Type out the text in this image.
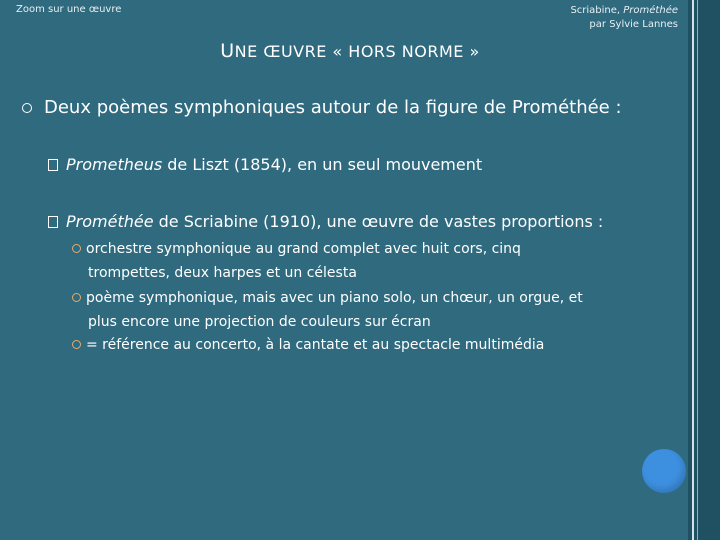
Zoom sur une œuvre	Scriabine, Prométhée
par Sylvie Lannes
UNE ŒUVRE « HORS NORME »
Deux poèmes symphoniques autour de la figure de Prométhée :
Prometheus de Liszt (1854), en un seul mouvement
Prométhée de Scriabine (1910), une œuvre de vastes proportions :
orchestre symphonique au grand complet avec huit cors, cinq
trompettes, deux harpes et un célesta
poème symphonique, mais avec un piano solo, un chœur, un orgue, et
plus encore une projection de couleurs sur écran
= référence au concerto, à la cantate et au spectacle multimédia
